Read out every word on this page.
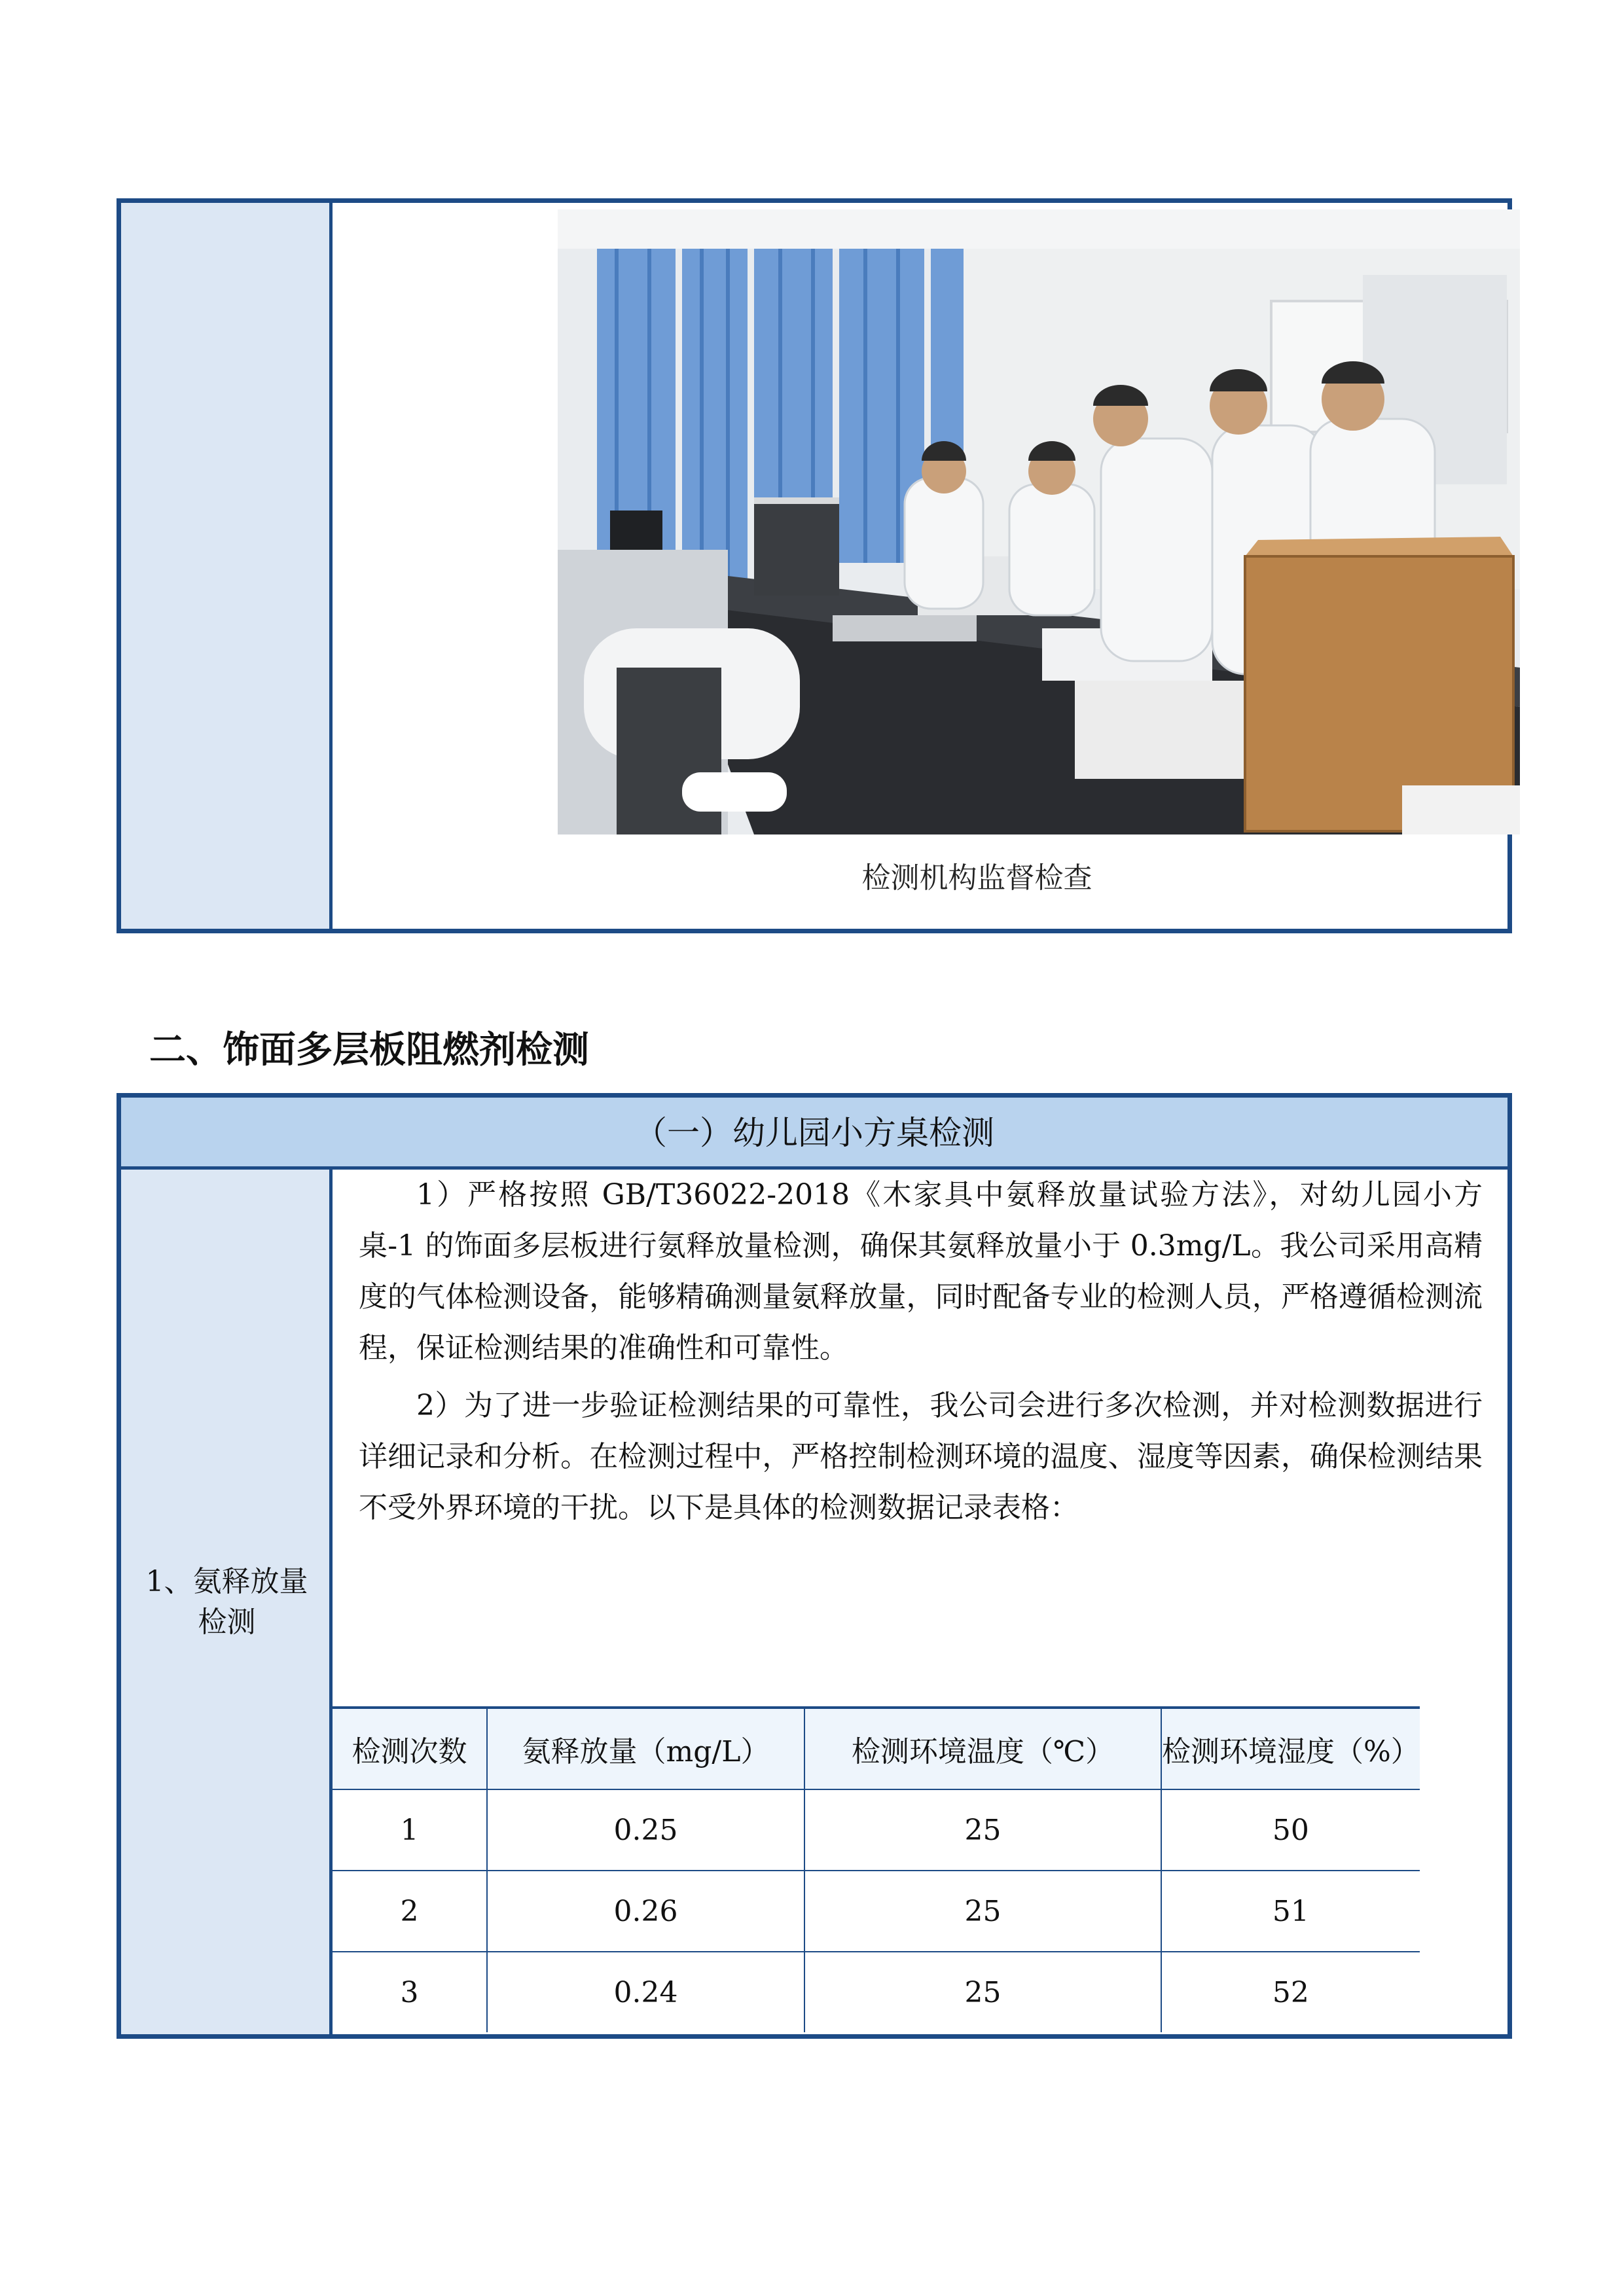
检测机构监督检查
二、饰面多层板阻燃剂检测
（一）幼儿园小方桌检测
1、氨释放量检测

1）严格按照 GB/T36022-2018《木家具中氨释放量试验方法》，对幼儿园小方桌-1 的饰面多层板进行氨释放量检测，确保其氨释放量小于 0.3mg/L。我公司采用高精度的气体检测设备，能够精确测量氨释放量，同时配备专业的检测人员，严格遵循检测流程，保证检测结果的准确性和可靠性。

2）为了进一步验证检测结果的可靠性，我公司会进行多次检测，并对检测数据进行详细记录和分析。在检测过程中，严格控制检测环境的温度、湿度等因素，确保检测结果不受外界环境的干扰。以下是具体的检测数据记录表格：

检测次数	氨释放量（mg/L）	检测环境温度（℃）	检测环境湿度（%）
1	0.25	25	50
2	0.26	25	51
3	0.24	25	52
